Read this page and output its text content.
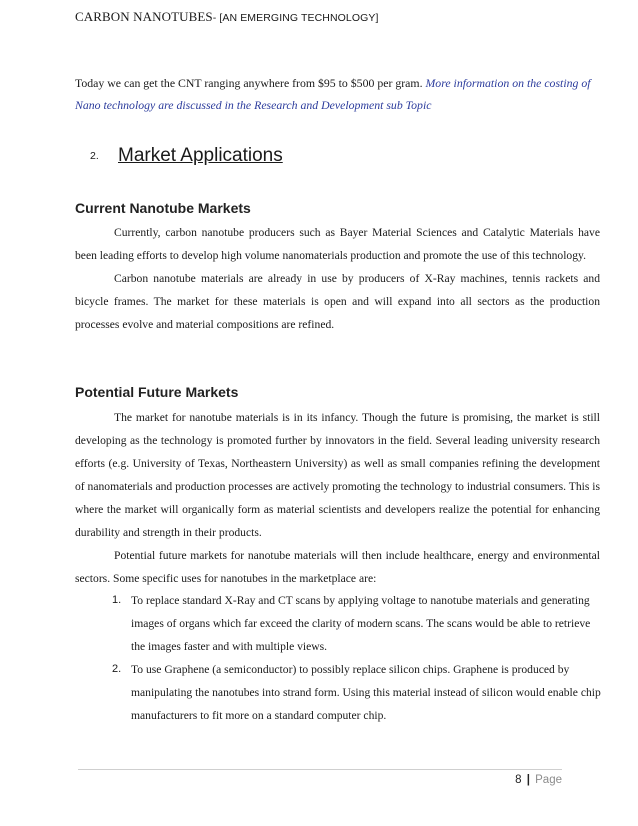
CARBON NANOTUBES- [AN EMERGING TECHNOLOGY]
Today we can get the CNT ranging anywhere from $95 to $500 per gram. More information on the costing of Nano technology are discussed in the Research and Development sub Topic
2. Market Applications
Current Nanotube Markets

Currently, carbon nanotube producers such as Bayer Material Sciences and Catalytic Materials have been leading efforts to develop high volume nanomaterials production and promote the use of this technology.

Carbon nanotube materials are already in use by producers of X-Ray machines, tennis rackets and bicycle frames. The market for these materials is open and will expand into all sectors as the production processes evolve and material compositions are refined.

Potential Future Markets

The market for nanotube materials is in its infancy. Though the future is promising, the market is still developing as the technology is promoted further by innovators in the field. Several leading university research efforts (e.g. University of Texas, Northeastern University) as well as small companies refining the development of nanomaterials and production processes are actively promoting the technology to industrial consumers. This is where the market will organically form as material scientists and developers realize the potential for enhancing durability and strength in their products.

Potential future markets for nanotube materials will then include healthcare, energy and environmental sectors. Some specific uses for nanotubes in the marketplace are:

1. To replace standard X-Ray and CT scans by applying voltage to nanotube materials and generating images of organs which far exceed the clarity of modern scans. The scans would be able to retrieve the images faster and with multiple views.
2. To use Graphene (a semiconductor) to possibly replace silicon chips. Graphene is produced by manipulating the nanotubes into strand form. Using this material instead of silicon would enable chip manufacturers to fit more on a standard computer chip.
8 | Page
